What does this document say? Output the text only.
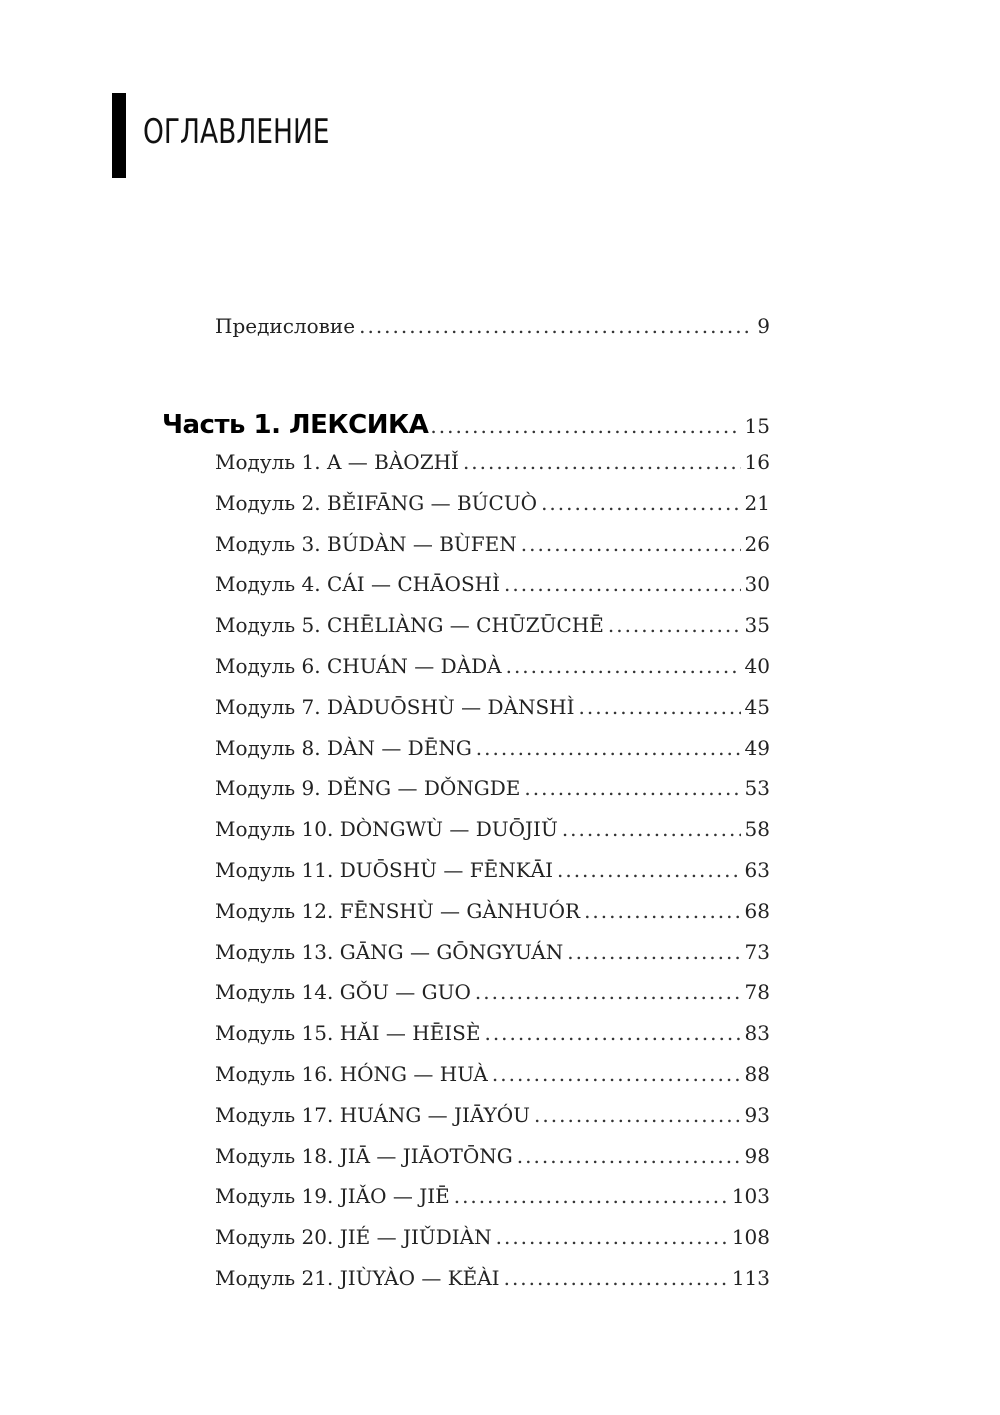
ОГЛАВЛЕНИЕ
Предисловие .....	9
Часть 1. ЛЕКСИКА .....	15
Модуль 1. A — BÀOZHǏ .....	16
Модуль 2. BĚIFĀNG — BÚCUÒ .....	21
Модуль 3. BÚDÀN — BÙFEN .....	26
Модуль 4. CÁI — CHĀOSHÌ .....	30
Модуль 5. CHĒLIÀNG — CHŪZŪCHĒ .....	35
Модуль 6. CHUÁN — DÀDÀ .....	40
Модуль 7. DÀDUŌSHÙ — DÀNSHÌ .....	45
Модуль 8. DÀN — DĒNG .....	49
Модуль 9. DĚNG — DǑNGDE .....	53
Модуль 10. DÒNGWÙ — DUŌJIǓ .....	58
Модуль 11. DUŌSHÙ — FĒNKĀI .....	63
Модуль 12. FĒNSHÙ — GÀNHUÓR .....	68
Модуль 13. GĀNG — GŌNGYUÁN .....	73
Модуль 14. GǑU — GUO .....	78
Модуль 15. HǍI — HĒISÈ .....	83
Модуль 16. HÓNG — HUÀ .....	88
Модуль 17. HUÁNG — JIĀYÓU .....	93
Модуль 18. JIĀ — JIĀOTŌNG .....	98
Модуль 19. JIǍO — JIĒ .....	103
Модуль 20. JIÉ — JIǓDIÀN .....	108
Модуль 21. JIÙYÀO — KĚÀI .....	113
